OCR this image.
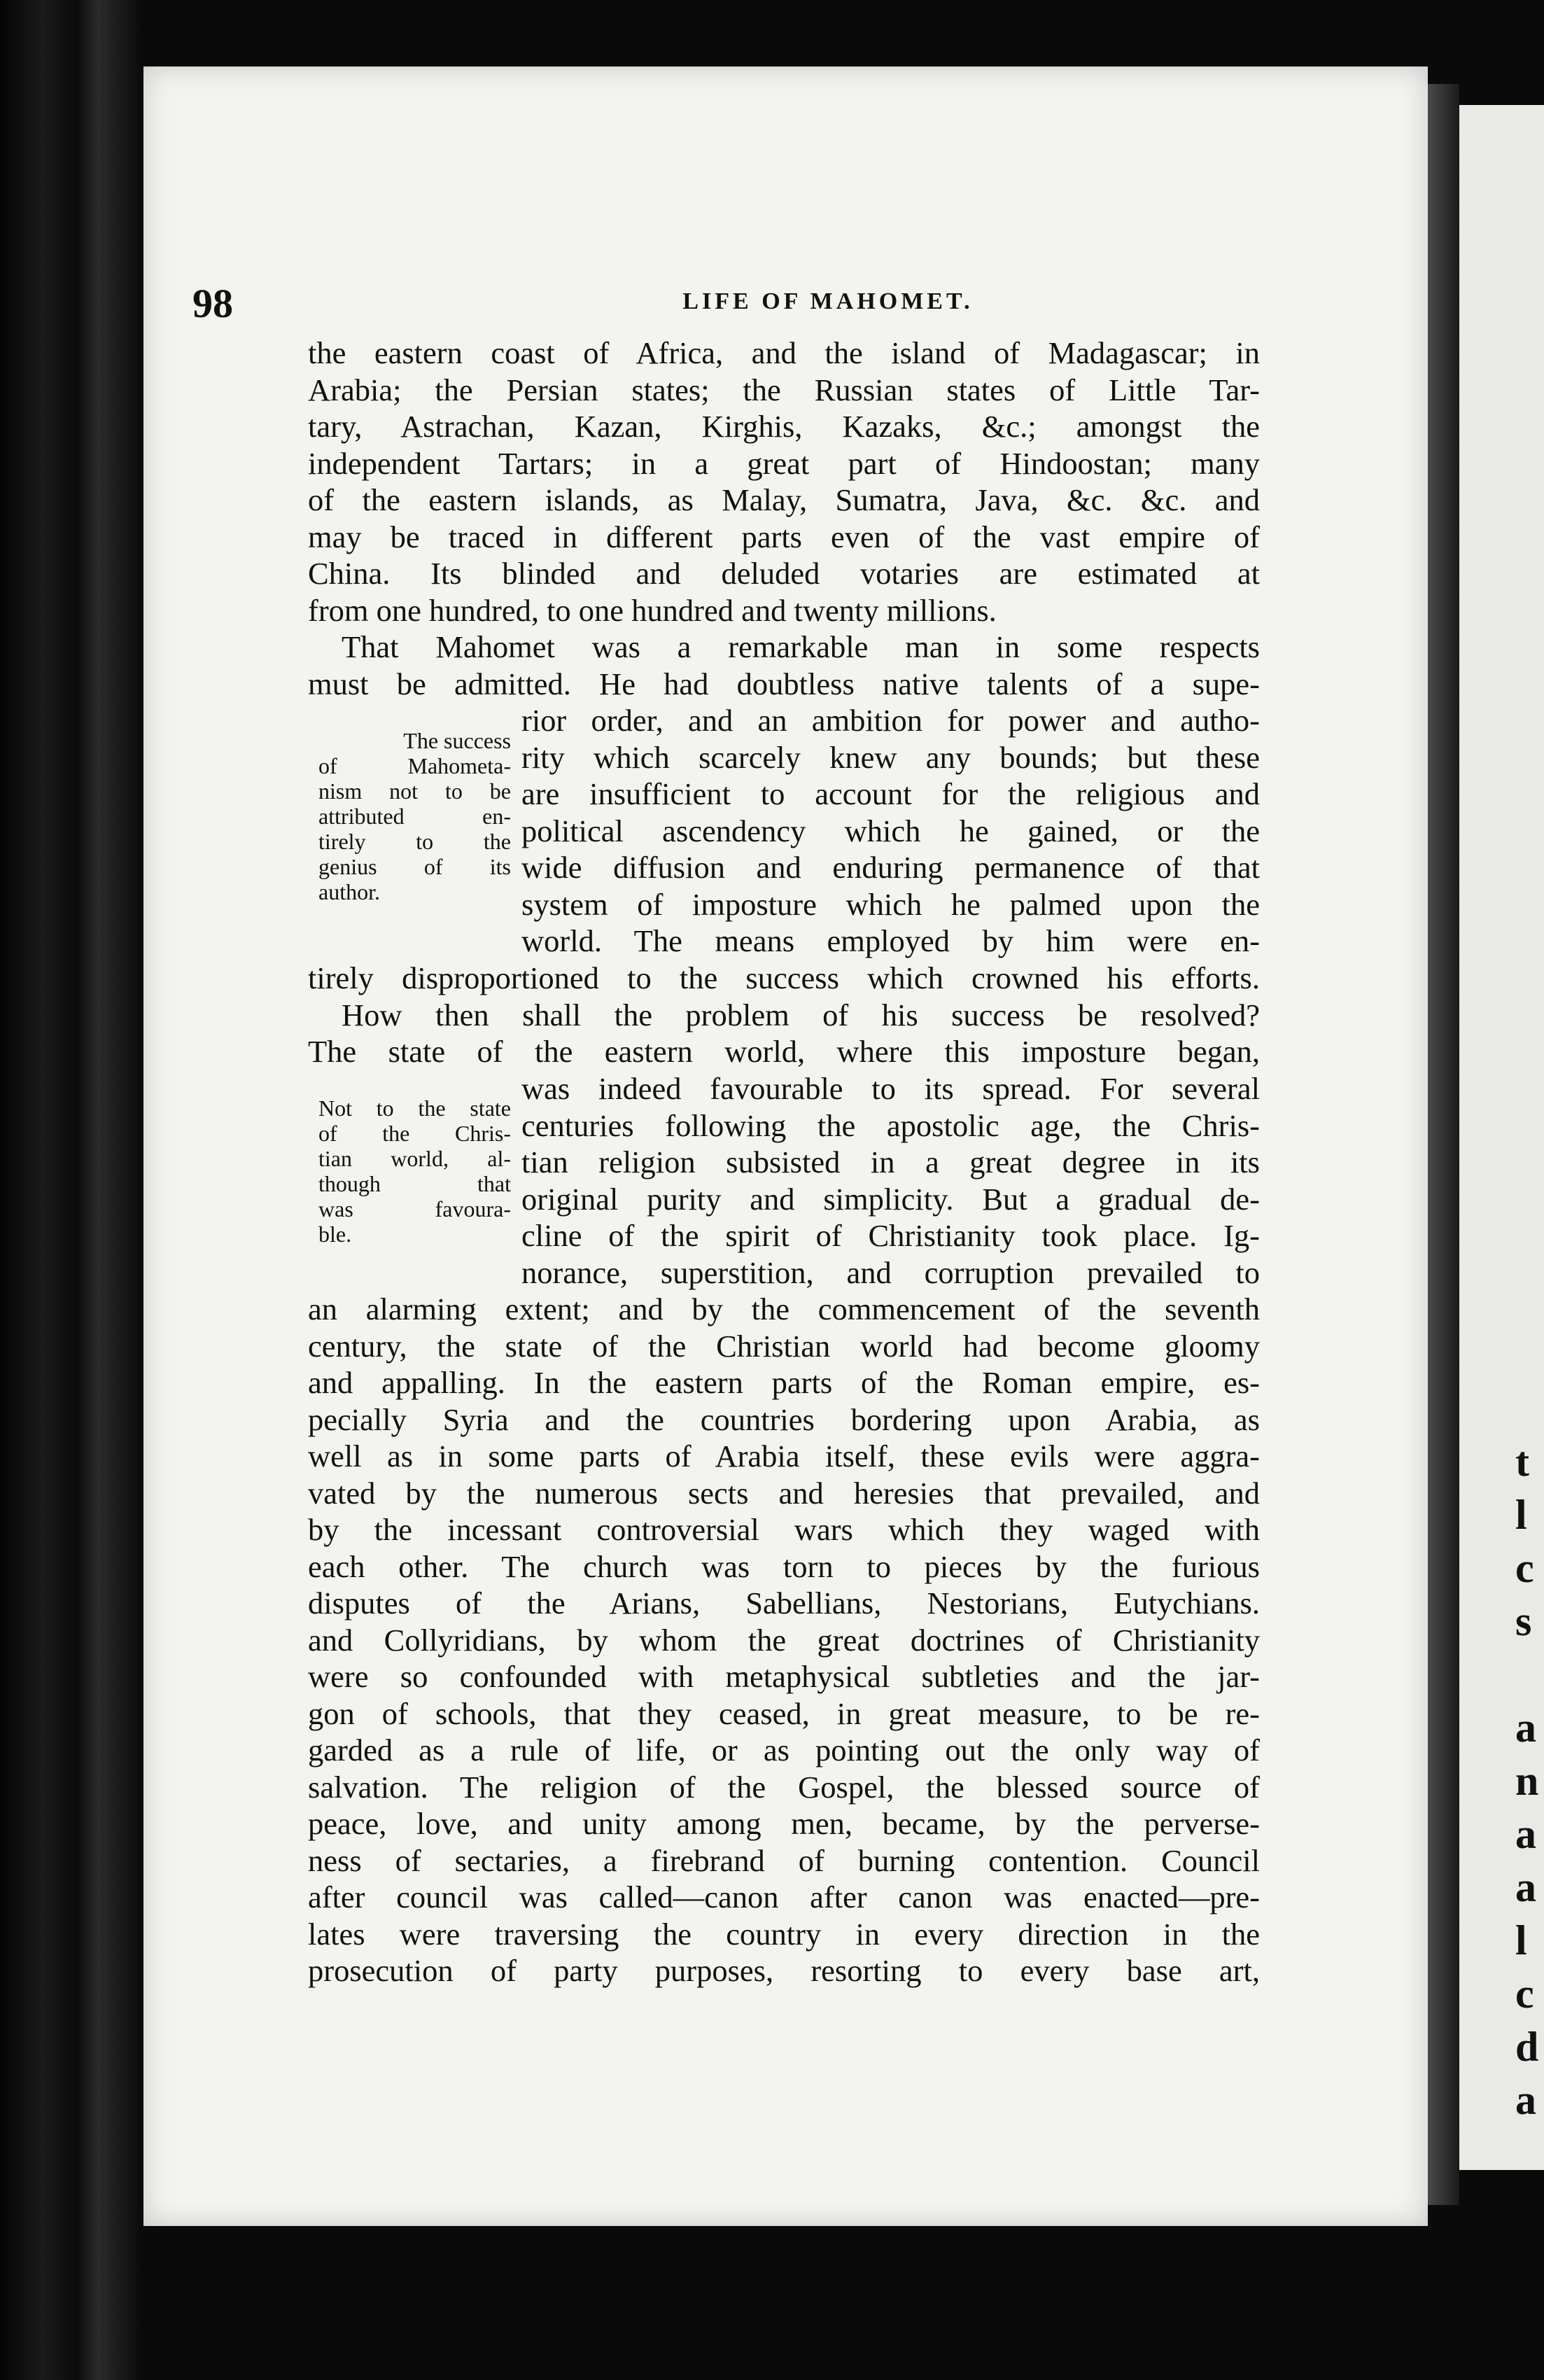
t
l
c
s

a
n
a
a
l
c
d
a
98	LIFE OF MAHOMET.
the eastern coast of Africa, and the island of Madagascar; in
Arabia; the Persian states; the Russian states of Little Tar-
tary, Astrachan, Kazan, Kirghis, Kazaks, &c.; amongst the
independent Tartars; in a great part of Hindoostan; many
of the eastern islands, as Malay, Sumatra, Java, &c. &c. and
may be traced in different parts even of the vast empire of
China. Its blinded and deluded votaries are estimated at
from one hundred, to one hundred and twenty millions.
That Mahomet was a remarkable man in some respects
must be admitted. He had doubtless native talents of a supe-
The success
of Mahometa-
nism not to be
attributed en-
tirely to the
genius of its
author.
rior order, and an ambition for power and autho-
rity which scarcely knew any bounds; but these
are insufficient to account for the religious and
political ascendency which he gained, or the
wide diffusion and enduring permanence of that
system of imposture which he palmed upon the
world. The means employed by him were en-
tirely disproportioned to the success which crowned his efforts.
How then shall the problem of his success be resolved?
The state of the eastern world, where this imposture began,
Not to the state
of the Chris-
tian world, al-
though that
was favoura-
ble.
was indeed favourable to its spread. For several
centuries following the apostolic age, the Chris-
tian religion subsisted in a great degree in its
original purity and simplicity. But a gradual de-
cline of the spirit of Christianity took place. Ig-
norance, superstition, and corruption prevailed to
an alarming extent; and by the commencement of the seventh
century, the state of the Christian world had become gloomy
and appalling. In the eastern parts of the Roman empire, es-
pecially Syria and the countries bordering upon Arabia, as
well as in some parts of Arabia itself, these evils were aggra-
vated by the numerous sects and heresies that prevailed, and
by the incessant controversial wars which they waged with
each other. The church was torn to pieces by the furious
disputes of the Arians, Sabellians, Nestorians, Eutychians.
and Collyridians, by whom the great doctrines of Christianity
were so confounded with metaphysical subtleties and the jar-
gon of schools, that they ceased, in great measure, to be re-
garded as a rule of life, or as pointing out the only way of
salvation. The religion of the Gospel, the blessed source of
peace, love, and unity among men, became, by the perverse-
ness of sectaries, a firebrand of burning contention. Council
after council was called—canon after canon was enacted—pre-
lates were traversing the country in every direction in the
prosecution of party purposes, resorting to every base art,
